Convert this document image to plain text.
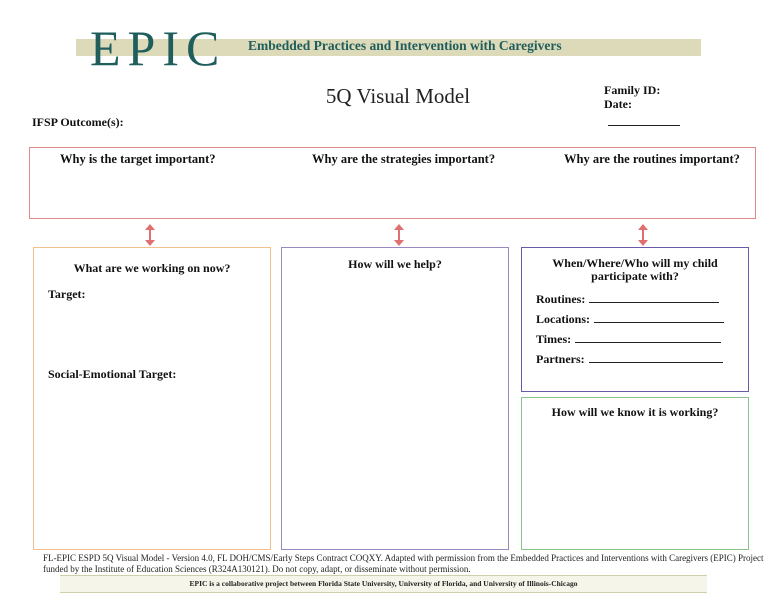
EPIC Embedded Practices and Intervention with Caregivers
5Q Visual Model	Family ID:
Date:
IFSP Outcome(s):
Why is the target important?	Why are the strategies important?	Why are the routines important?
What are we working on now?
Target:
Social-Emotional Target:
How will we help?	When/Where/Who will my child
participate with?
Routines:
Locations:
Times:
Partners:
How will we know it is working?
FL-EPIC ESPD 5Q Visual Model - Version 4.0, FL DOH/CMS/Early Steps Contract COQXY. Adapted with permission from the Embedded Practices and Interventions with Caregivers (EPIC) Project
funded by the Institute of Education Sciences (R324A130121). Do not copy, adapt, or disseminate without permission.
EPIC is a collaborative project between Florida State University, University of Florida, and University of Illinois-Chicago
